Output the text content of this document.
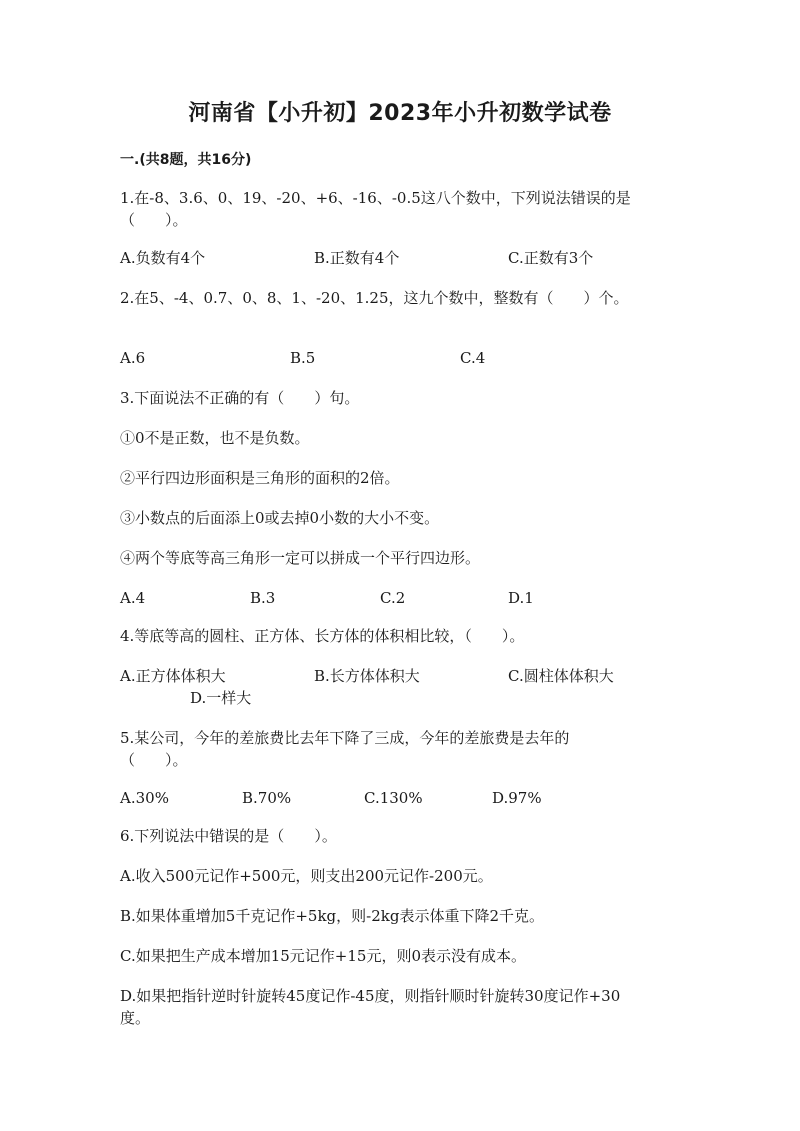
河南省【小升初】2023年小升初数学试卷
一.(共8题，共16分)
1.在-8、3.6、0、19、-20、+6、-16、-0.5这八个数中，下列说法错误的是
（　　）。
A.负数有4个	B.正数有4个	C.正数有3个
2.在5、-4、0.7、0、8、1、-20、1.25，这九个数中，整数有（　　）个。
A.6	B.5	C.4
3.下面说法不正确的有（　　）句。
①0不是正数，也不是负数。
②平行四边形面积是三角形的面积的2倍。
③小数点的后面添上0或去掉0小数的大小不变。
④两个等底等高三角形一定可以拼成一个平行四边形。
A.4	B.3	C.2	D.1
4.等底等高的圆柱、正方体、长方体的体积相比较，（　　）。
A.正方体体积大	B.长方体体积大	C.圆柱体体积大
D.一样大
5.某公司，今年的差旅费比去年下降了三成，今年的差旅费是去年的
（　　）。
A.30%	B.70%	C.130%	D.97%
6.下列说法中错误的是（　　）。
A.收入500元记作+500元，则支出200元记作-200元。
B.如果体重增加5千克记作+5kg，则-2kg表示体重下降2千克。
C.如果把生产成本增加15元记作+15元，则0表示没有成本。
D.如果把指针逆时针旋转45度记作-45度，则指针顺时针旋转30度记作+30
度。
